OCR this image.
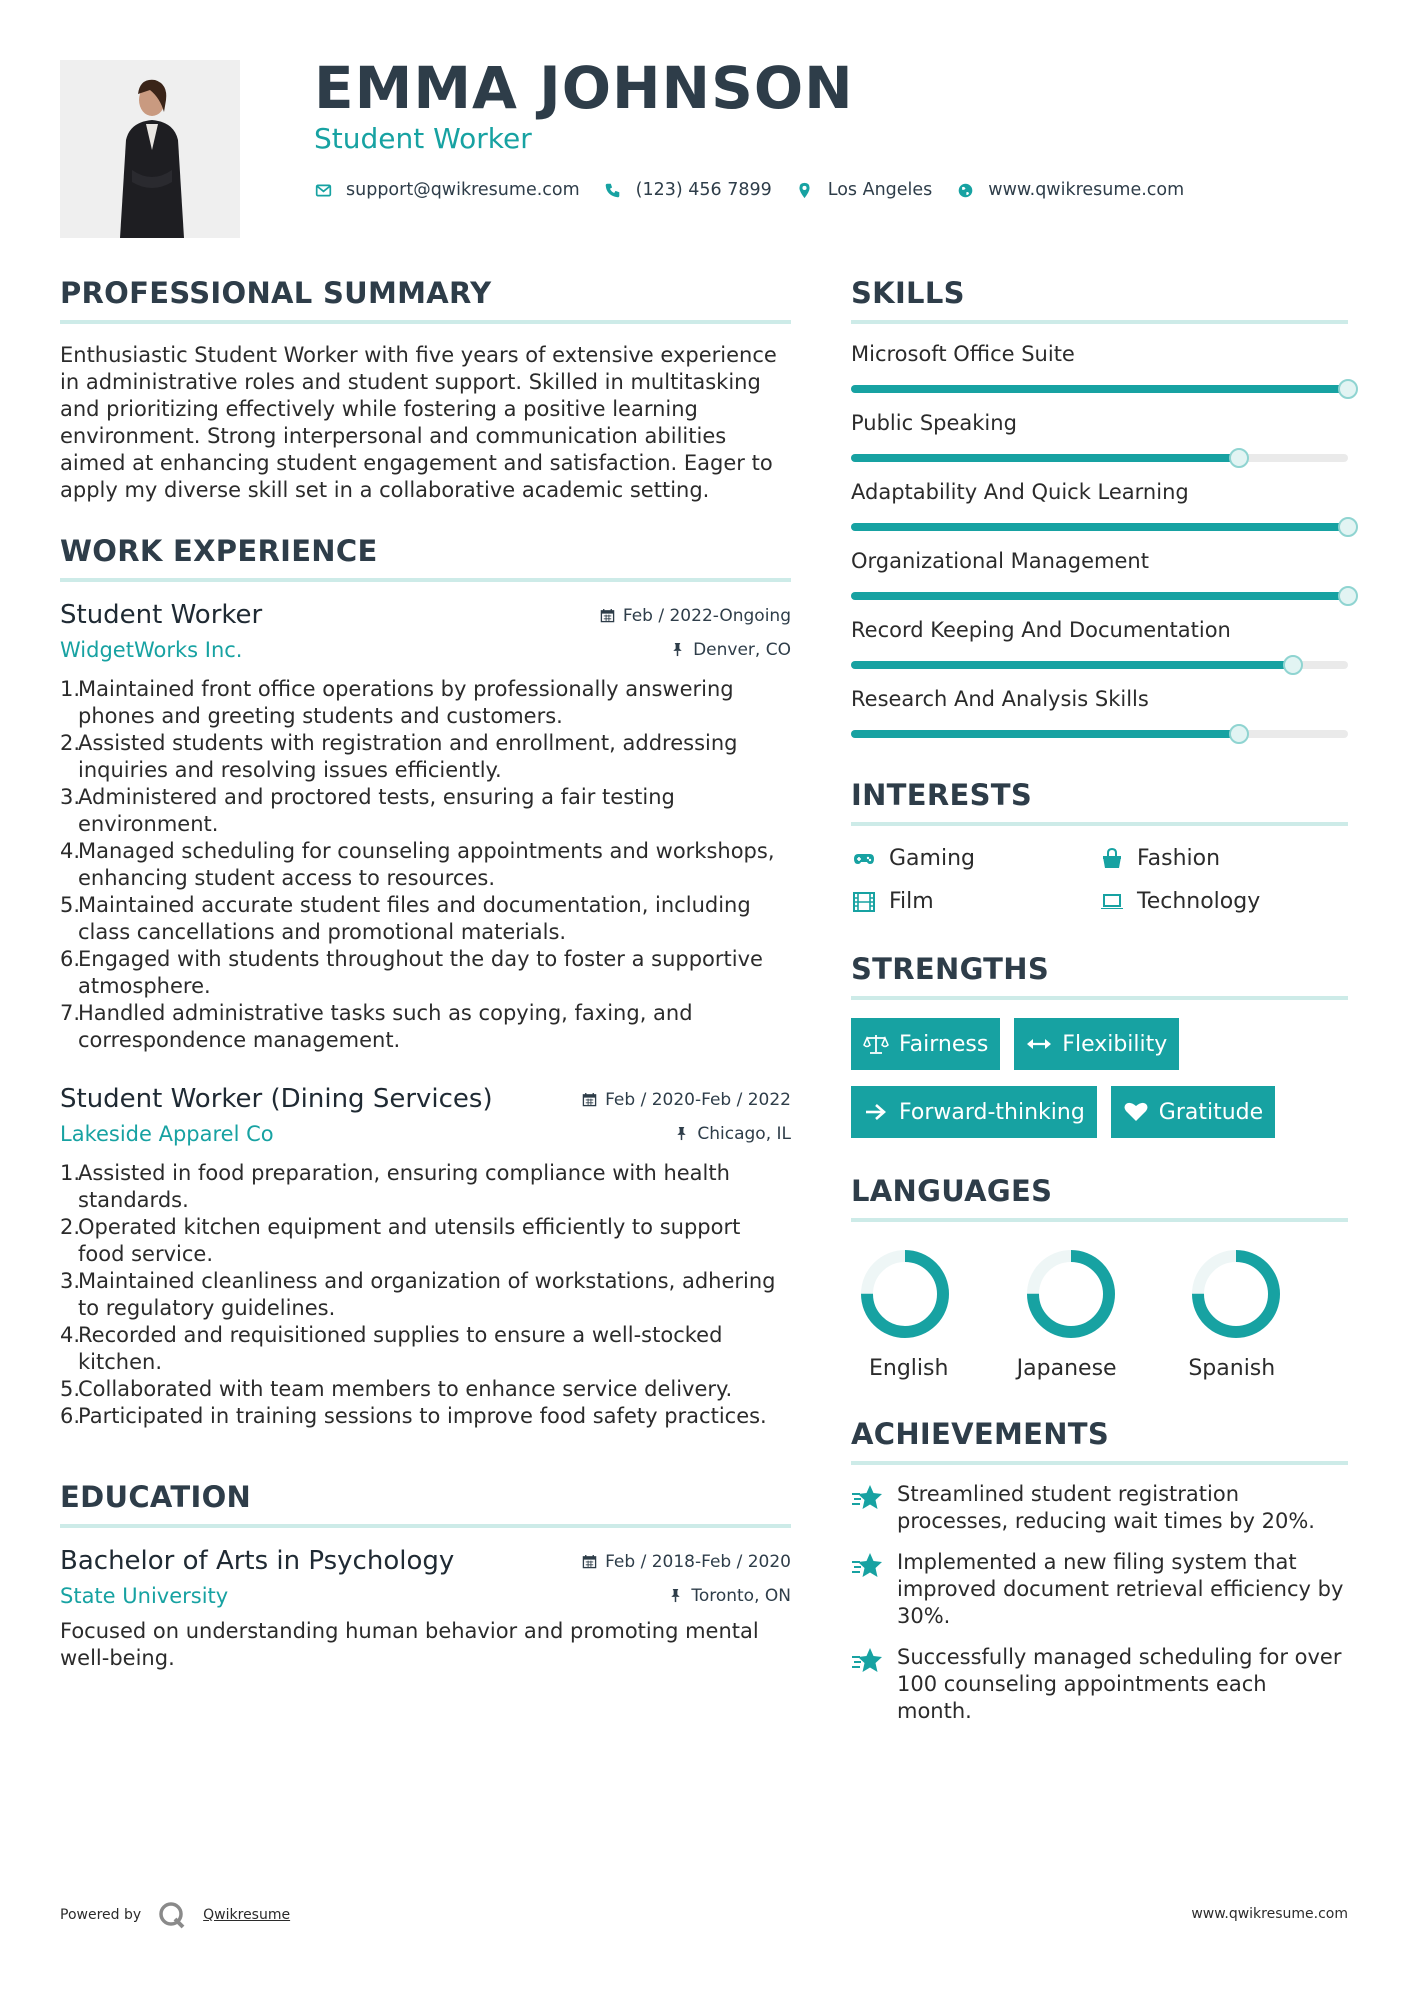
EMMA JOHNSON
Student Worker
support@qwikresume.com	(123) 456 7899	Los Angeles	www.qwikresume.com
PROFESSIONAL SUMMARY
Enthusiastic Student Worker with five years of extensive experience in administrative roles and student support. Skilled in multitasking and prioritizing effectively while fostering a positive learning environment. Strong interpersonal and communication abilities aimed at enhancing student engagement and satisfaction. Eager to apply my diverse skill set in a collaborative academic setting.
WORK EXPERIENCE
Student Worker	Feb / 2022-Ongoing
WidgetWorks Inc.	Denver, CO
1.
Maintained front office operations by professionally answering phones and greeting students and customers.
2.
Assisted students with registration and enrollment, addressing inquiries and resolving issues efficiently.
3.
Administered and proctored tests, ensuring a fair testing environment.
4.
Managed scheduling for counseling appointments and workshops, enhancing student access to resources.
5.
Maintained accurate student files and documentation, including class cancellations and promotional materials.
6.
Engaged with students throughout the day to foster a supportive atmosphere.
7.
Handled administrative tasks such as copying, faxing, and correspondence management.
Student Worker (Dining Services)	Feb / 2020-Feb / 2022
Lakeside Apparel Co	Chicago, IL
1.
Assisted in food preparation, ensuring compliance with health standards.
2.
Operated kitchen equipment and utensils efficiently to support food service.
3.
Maintained cleanliness and organization of workstations, adhering to regulatory guidelines.
4.
Recorded and requisitioned supplies to ensure a well-stocked kitchen.
5.
Collaborated with team members to enhance service delivery.
6.
Participated in training sessions to improve food safety practices.
EDUCATION
Bachelor of Arts in Psychology	Feb / 2018-Feb / 2020
State University	Toronto, ON
Focused on understanding human behavior and promoting mental well-being.
SKILLS
Microsoft Office Suite
Public Speaking
Adaptability And Quick Learning
Organizational Management
Record Keeping And Documentation
Research And Analysis Skills
INTERESTS
Gaming	Fashion
Film	Technology
STRENGTHS
Fairness	Flexibility
Forward-thinking	Gratitude
LANGUAGES
English	Japanese	Spanish
ACHIEVEMENTS
Streamlined student registration processes, reducing wait times by 20%.
Implemented a new filing system that improved document retrieval efficiency by 30%.
Successfully managed scheduling for over 100 counseling appointments each month.
Powered by	Qwikresume	www.qwikresume.com
